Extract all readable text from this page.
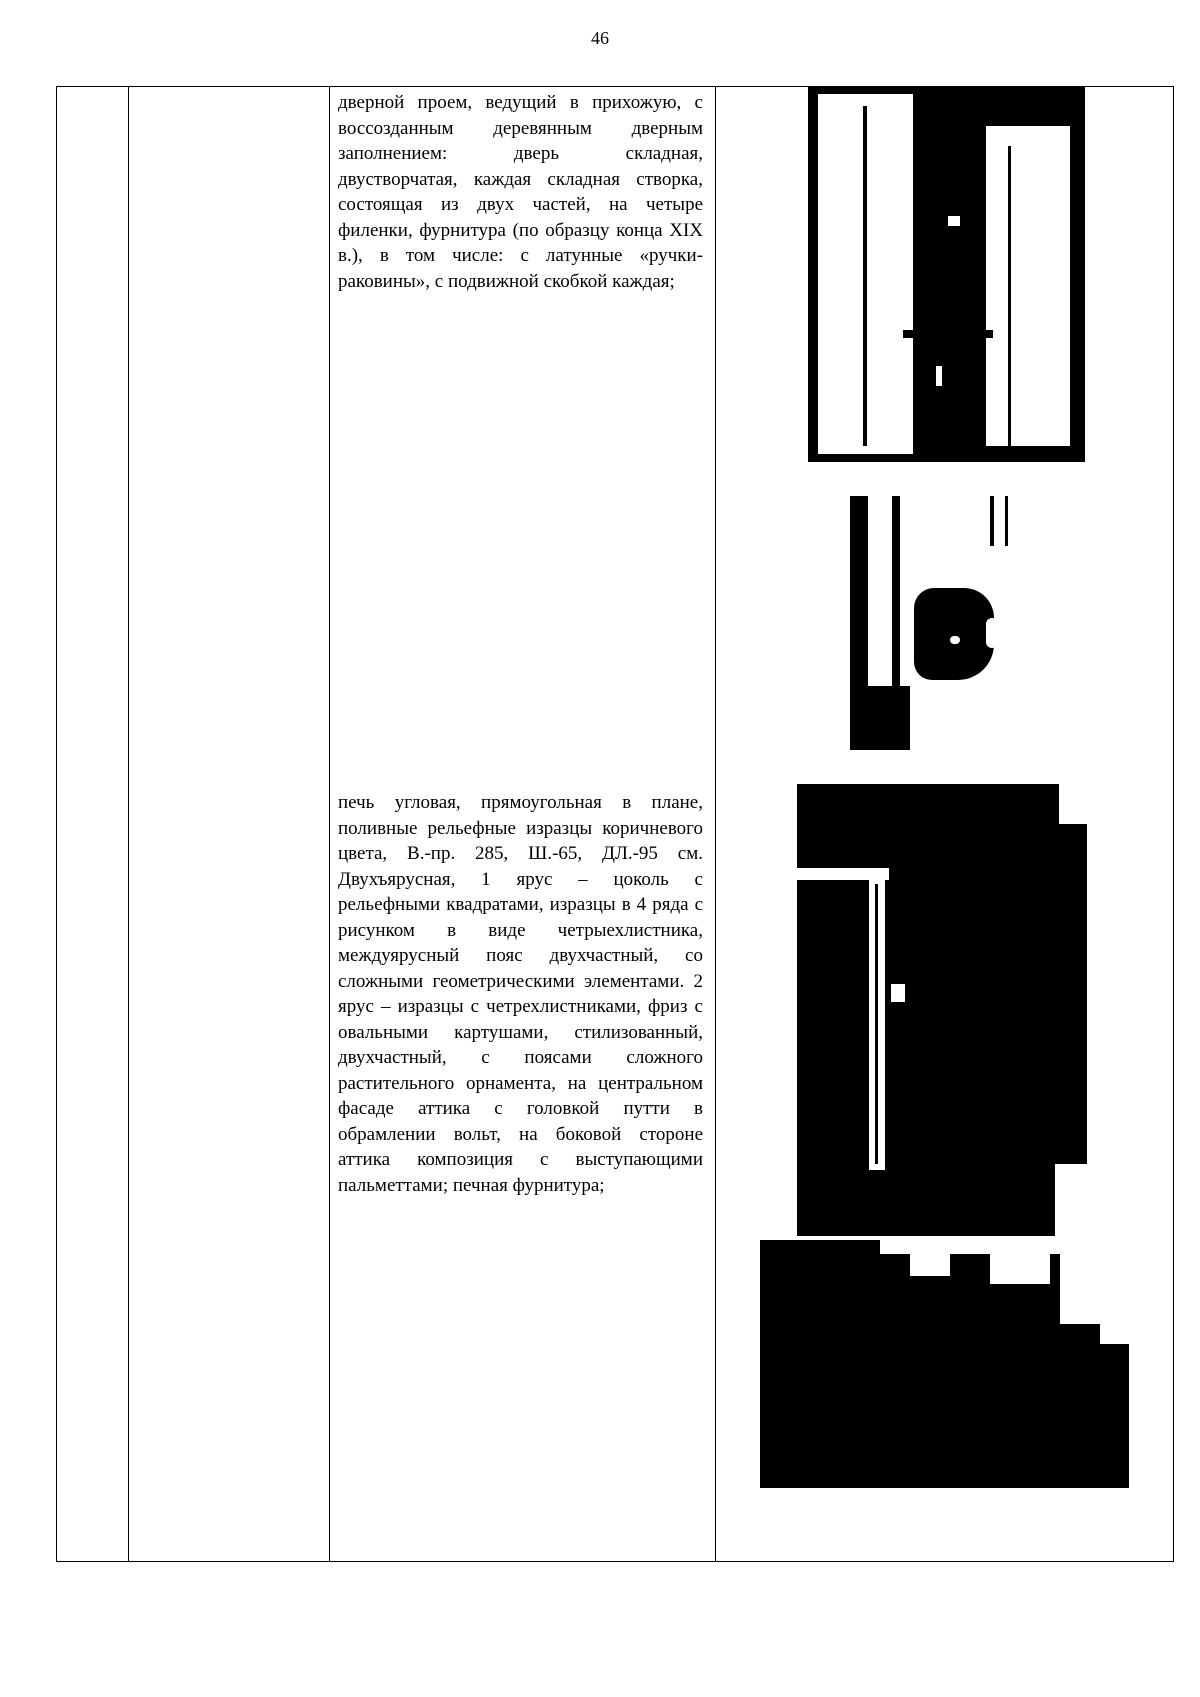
46
дверной проем, ведущий в прихожую, с воссозданным деревянным дверным заполнением: дверь складная, двустворчатая, каждая складная створка, состоящая из двух частей, на четыре филенки, фурнитура (по образцу конца XIX в.), в том числе: с латунные «ручки-раковины», с подвижной скобкой каждая;
печь угловая, прямоугольная в плане, поливные рельефные изразцы коричневого цвета, В.-пр. 285, Ш.-65, ДЛ.-95 см. Двухъярусная, 1 ярус – цоколь с рельефными квадратами, изразцы в 4 ряда с рисунком в виде четрыехлистника, междуярусный пояс двухчастный, со сложными геометрическими элементами. 2 ярус – изразцы с четрехлистниками, фриз с овальными картушами, стилизованный, двухчастный, с поясами сложного растительного орнамента, на центральном фасаде аттика с головкой путти в обрамлении вольт, на боковой стороне аттика композиция с выступающими пальметтами; печная фурнитура;
